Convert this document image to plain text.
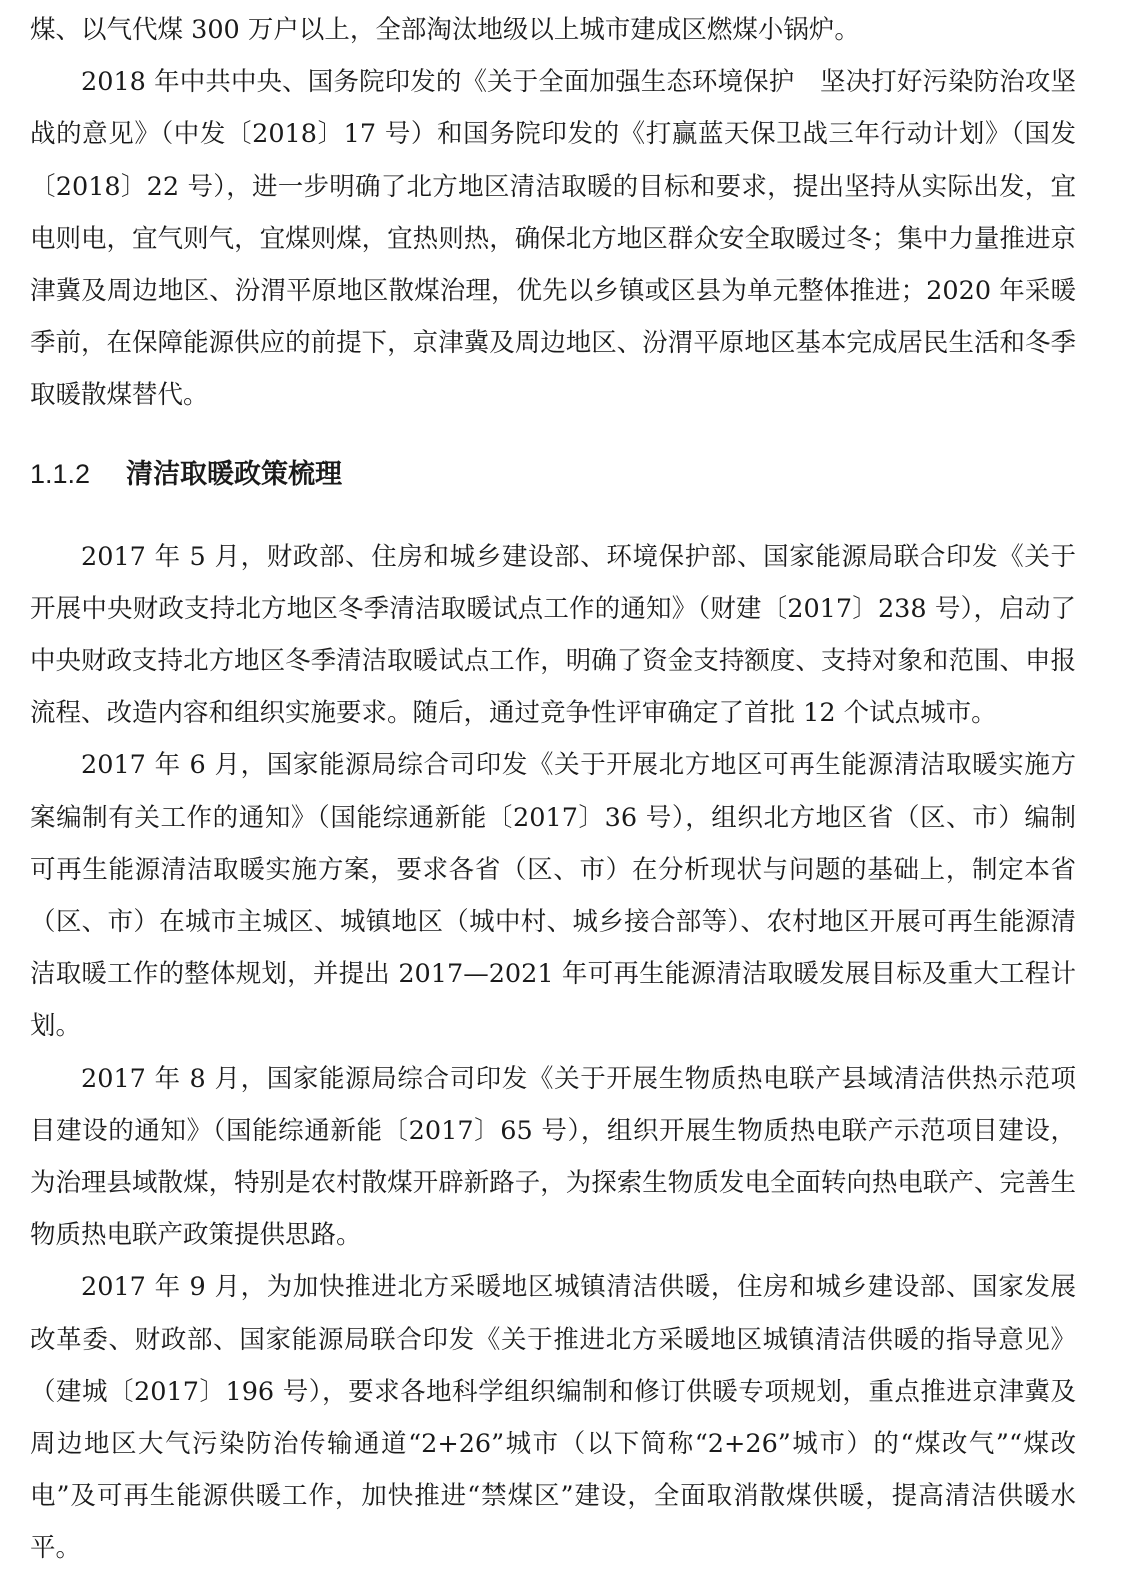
煤、以气代煤 300 万户以上，全部淘汰地级以上城市建成区燃煤小锅炉。

2018 年中共中央、国务院印发的《关于全面加强生态环境保护　坚决打好污染防治攻坚战的意见》（中发〔2018〕17 号）和国务院印发的《打赢蓝天保卫战三年行动计划》（国发〔2018〕22 号），进一步明确了北方地区清洁取暖的目标和要求，提出坚持从实际出发，宜电则电，宜气则气，宜煤则煤，宜热则热，确保北方地区群众安全取暖过冬；集中力量推进京津冀及周边地区、汾渭平原地区散煤治理，优先以乡镇或区县为单元整体推进；2020 年采暖季前，在保障能源供应的前提下，京津冀及周边地区、汾渭平原地区基本完成居民生活和冬季取暖散煤替代。

1.1.2 清洁取暖政策梳理

2017 年 5 月，财政部、住房和城乡建设部、环境保护部、国家能源局联合印发《关于开展中央财政支持北方地区冬季清洁取暖试点工作的通知》（财建〔2017〕238 号），启动了中央财政支持北方地区冬季清洁取暖试点工作，明确了资金支持额度、支持对象和范围、申报流程、改造内容和组织实施要求。随后，通过竞争性评审确定了首批 12 个试点城市。

2017 年 6 月，国家能源局综合司印发《关于开展北方地区可再生能源清洁取暖实施方案编制有关工作的通知》（国能综通新能〔2017〕36 号），组织北方地区省（区、市）编制可再生能源清洁取暖实施方案，要求各省（区、市）在分析现状与问题的基础上，制定本省（区、市）在城市主城区、城镇地区（城中村、城乡接合部等）、农村地区开展可再生能源清洁取暖工作的整体规划，并提出 2017—2021 年可再生能源清洁取暖发展目标及重大工程计划。

2017 年 8 月，国家能源局综合司印发《关于开展生物质热电联产县域清洁供热示范项目建设的通知》（国能综通新能〔2017〕65 号），组织开展生物质热电联产示范项目建设，为治理县域散煤，特别是农村散煤开辟新路子，为探索生物质发电全面转向热电联产、完善生物质热电联产政策提供思路。

2017 年 9 月，为加快推进北方采暖地区城镇清洁供暖，住房和城乡建设部、国家发展改革委、财政部、国家能源局联合印发《关于推进北方采暖地区城镇清洁供暖的指导意见》（建城〔2017〕196 号），要求各地科学组织编制和修订供暖专项规划，重点推进京津冀及周边地区大气污染防治传输通道“2+26”城市（以下简称“2+26”城市）的“煤改气”“煤改电”及可再生能源供暖工作，加快推进“禁煤区”建设，全面取消散煤供暖，提高清洁供暖水平。
